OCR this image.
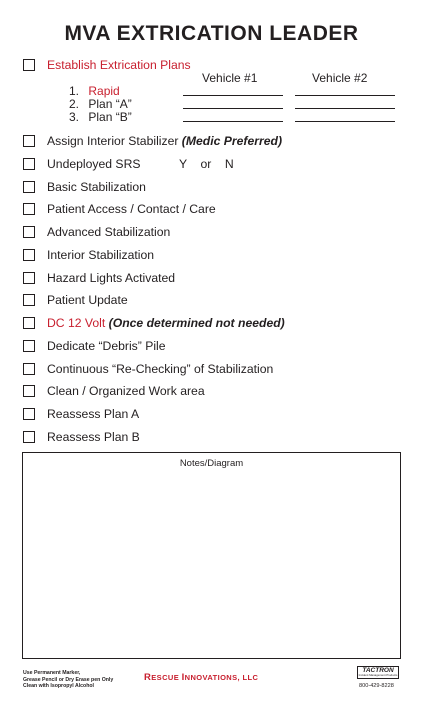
MVA EXTRICATION LEADER
Establish Extrication Plans
Vehicle #1	Vehicle #2
1. Rapid
2. Plan “A”
3. Plan “B”
Assign Interior Stabilizer (Medic Preferred)
Undeployed SRS	Y    or    N
Basic Stabilization
Patient Access / Contact / Care
Advanced Stabilization
Interior Stabilization
Hazard Lights Activated
Patient Update
DC 12 Volt (Once determined not needed)
Dedicate “Debris” Pile
Continuous “Re-Checking” of Stabilization
Clean / Organized Work area
Reassess Plan A
Reassess Plan B
Notes/Diagram
Use Permanent Marker,
Grease Pencil or Dry Erase pen Only
Clean with Isopropyl Alcohol
RESCUE INNOVATIONS, LLC
TACTRON
Incident Management Products
800-429-8228
